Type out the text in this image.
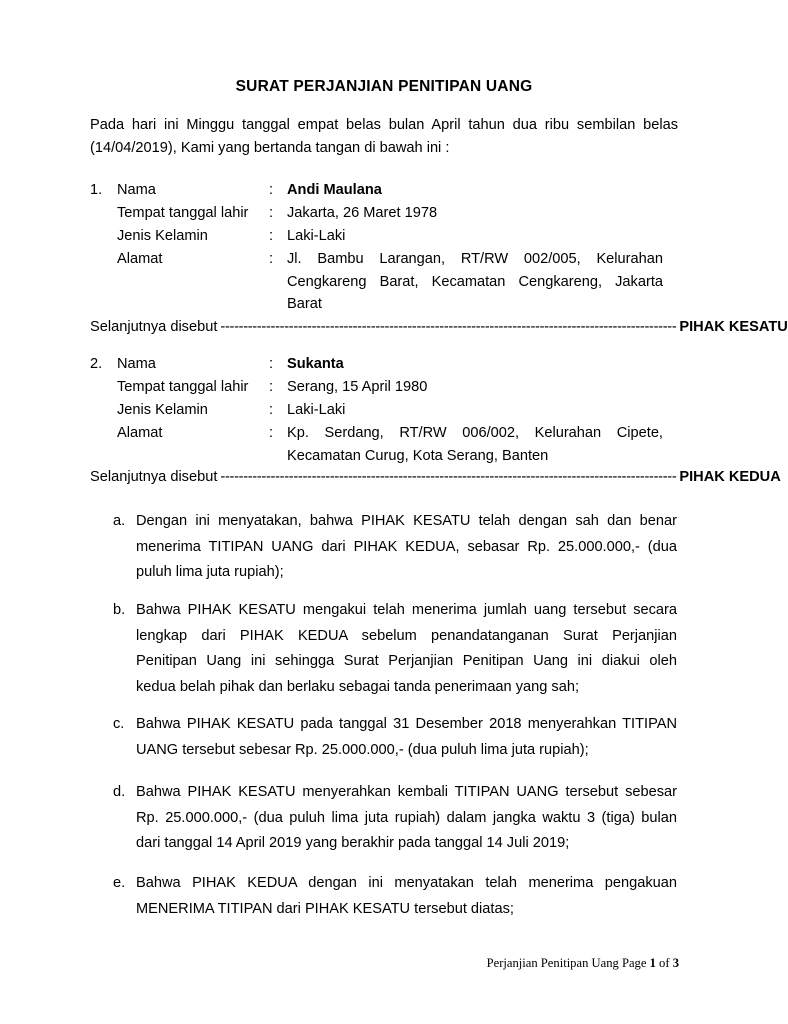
SURAT PERJANJIAN PENITIPAN UANG
Pada hari ini Minggu tanggal empat belas bulan April tahun dua ribu sembilan belas
(14/04/2019), Kami yang bertanda tangan di bawah ini :
1. Nama	: Andi Maulana
Tempat tanggal lahir : Jakarta, 26 Maret 1978
Jenis Kelamin	: Laki-Laki
Alamat	: Jl. Bambu Larangan, RT/RW 002/005, Kelurahan
Cengkareng Barat, Kecamatan Cengkareng, Jakarta
Barat
Selanjutnya disebut ---------------------------------------------------------------------------------------------------- PIHAK KESATU
2. Nama	: Sukanta
Tempat tanggal lahir : Serang, 15 April 1980
Jenis Kelamin	: Laki-Laki
Alamat	: Kp. Serdang, RT/RW 006/002, Kelurahan Cipete,
Kecamatan Curug, Kota Serang, Banten
Selanjutnya disebut ---------------------------------------------------------------------------------------------------- PIHAK KEDUA
a. Dengan ini menyatakan, bahwa PIHAK KESATU telah dengan sah dan benar
menerima TITIPAN UANG dari PIHAK KEDUA, sebasar Rp. 25.000.000,- (dua
puluh lima juta rupiah);
b. Bahwa PIHAK KESATU mengakui telah menerima jumlah uang tersebut secara
lengkap dari PIHAK KEDUA sebelum penandatanganan Surat Perjanjian
Penitipan Uang ini sehingga Surat Perjanjian Penitipan Uang ini diakui oleh
kedua belah pihak dan berlaku sebagai tanda penerimaan yang sah;
c. Bahwa PIHAK KESATU pada tanggal 31 Desember 2018 menyerahkan TITIPAN
UANG tersebut sebesar Rp. 25.000.000,- (dua puluh lima juta rupiah);
d. Bahwa PIHAK KESATU menyerahkan kembali TITIPAN UANG tersebut sebesar
Rp. 25.000.000,- (dua puluh lima juta rupiah) dalam jangka waktu 3 (tiga) bulan
dari tanggal 14 April 2019 yang berakhir pada tanggal 14 Juli 2019;
e. Bahwa PIHAK KEDUA dengan ini menyatakan telah menerima pengakuan
MENERIMA TITIPAN dari PIHAK KESATU tersebut diatas;
Perjanjian Penitipan Uang Page 1 of 3
